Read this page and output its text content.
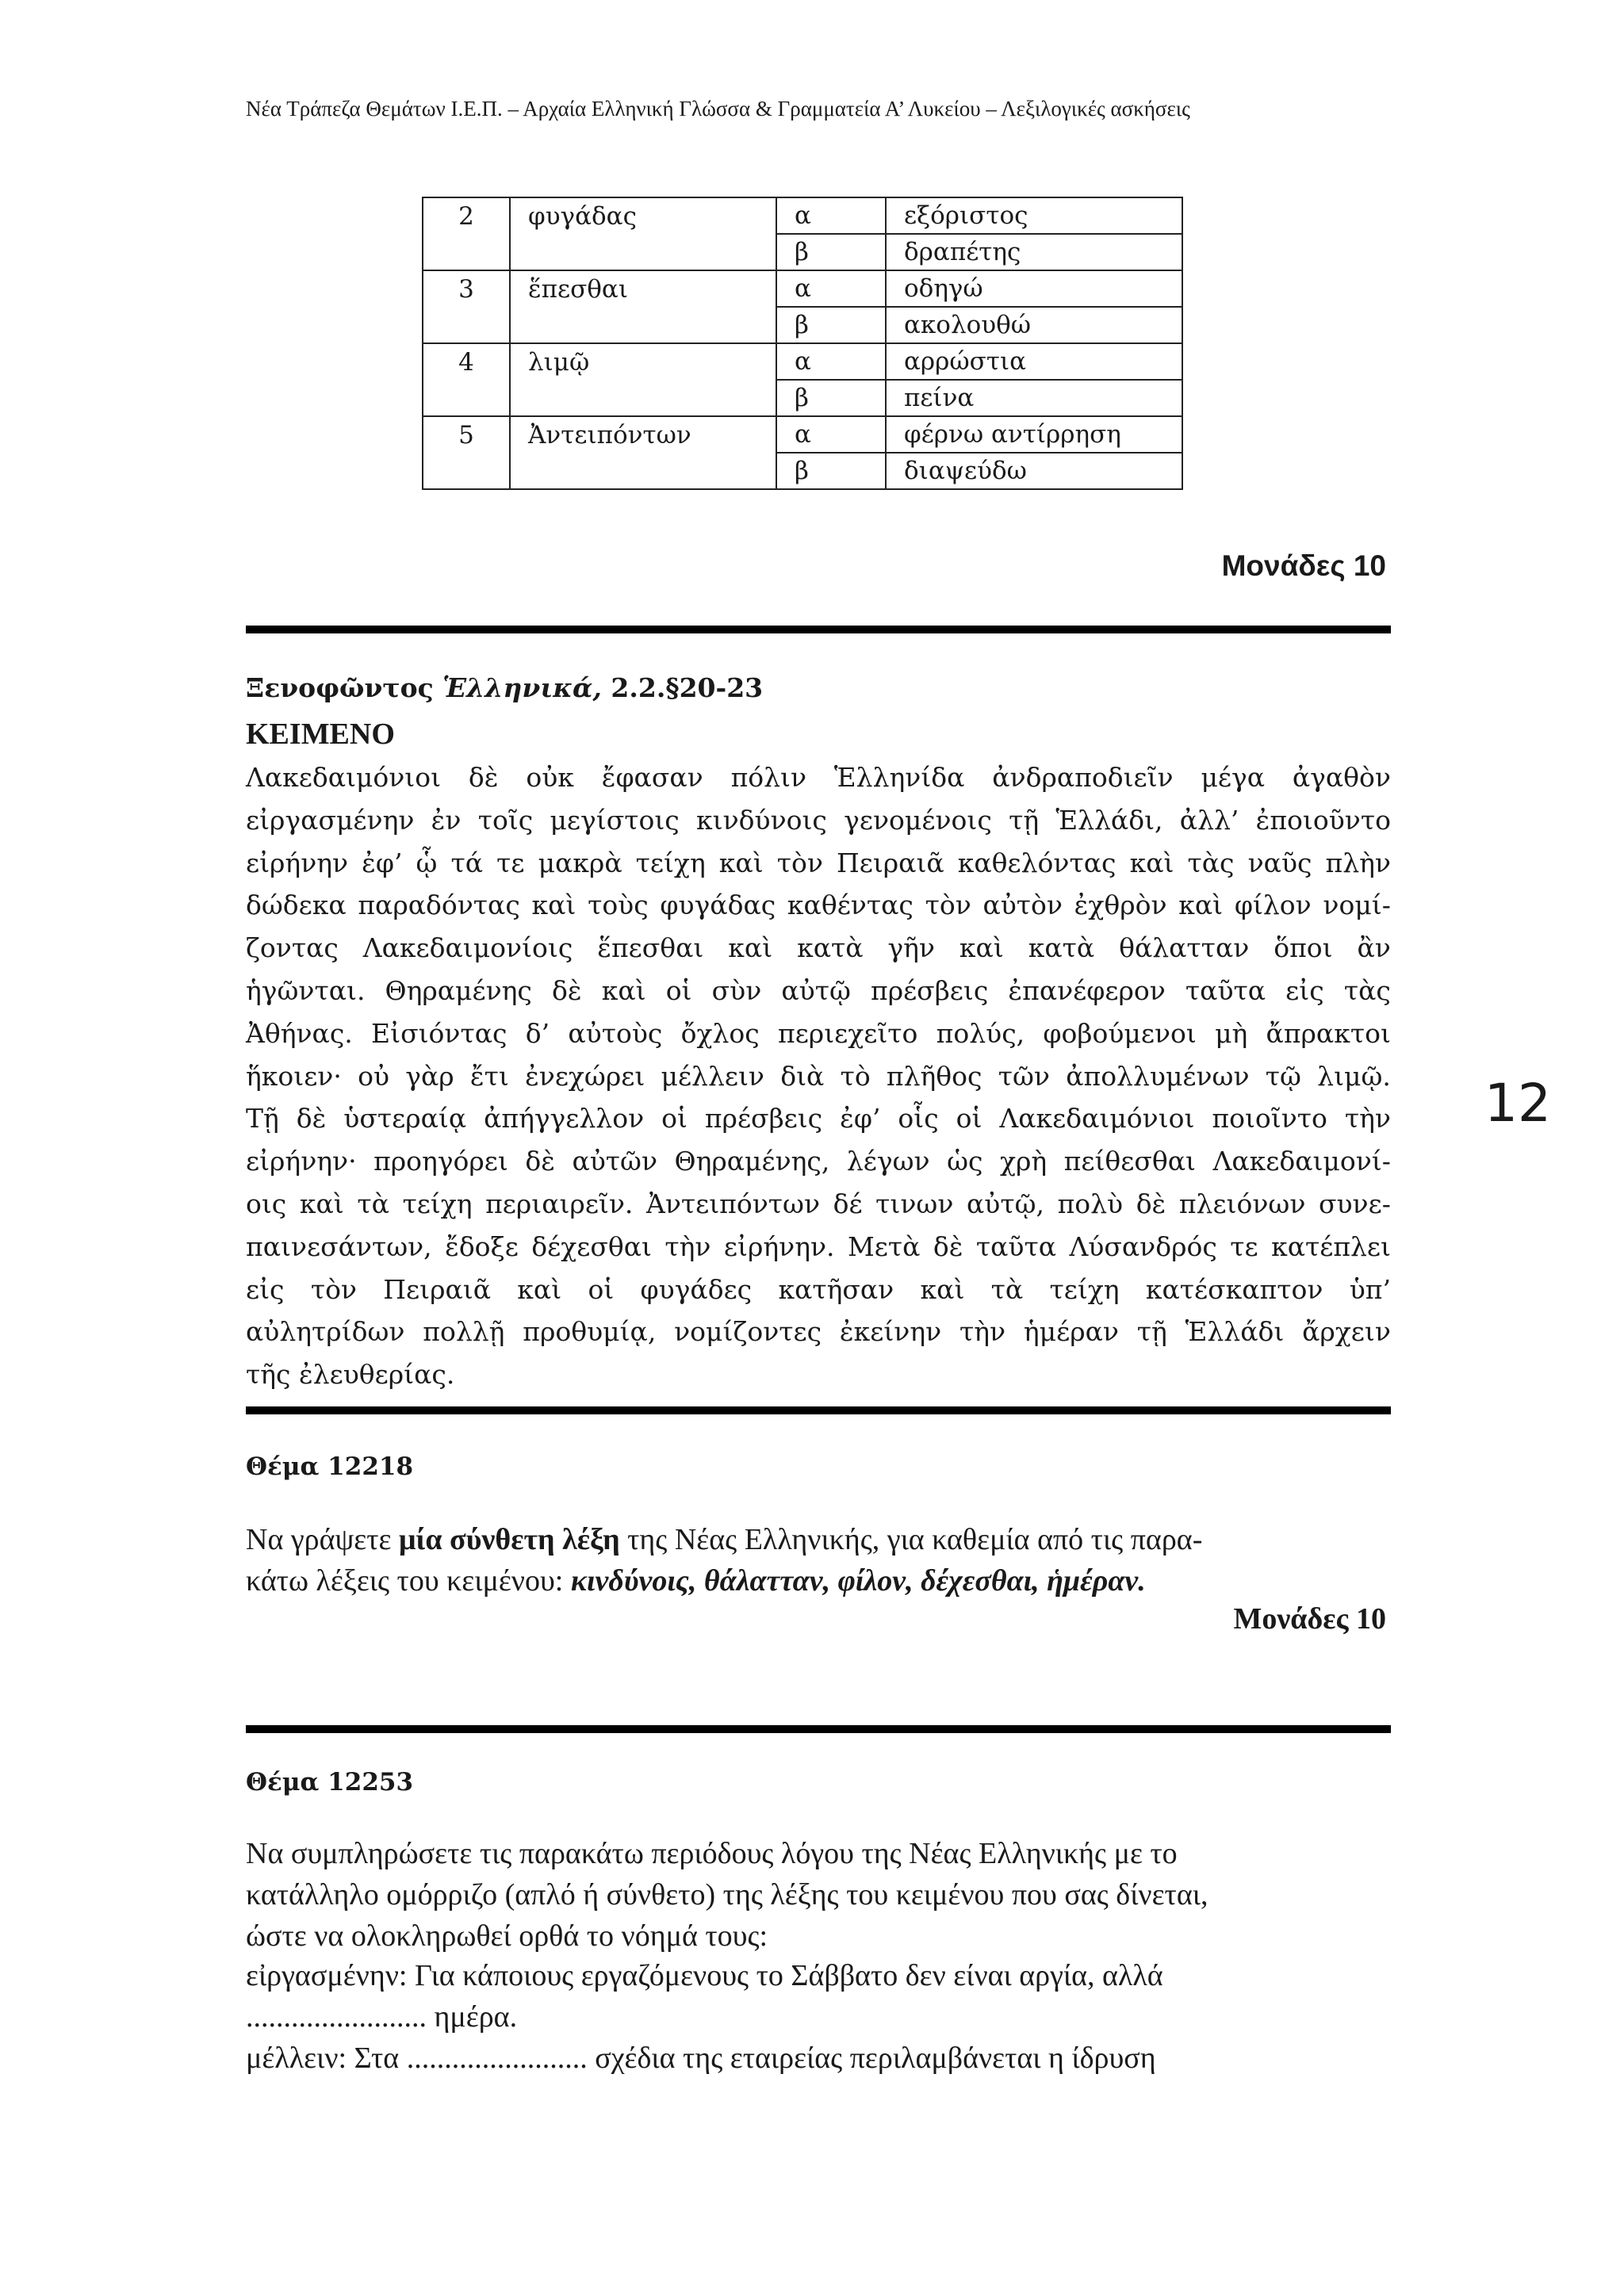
Νέα Τράπεζα Θεμάτων Ι.Ε.Π. – Αρχαία Ελληνική Γλώσσα & Γραμματεία Α’ Λυκείου – Λεξιλογικές ασκήσεις
2	φυγάδας	α	εξόριστος
		β	δραπέτης
3	ἕπεσθαι	α	οδηγώ
		β	ακολουθώ
4	λιμῷ	α	αρρώστια
		β	πείνα
5	Ἀντειπόντων	α	φέρνω αντίρρηση
		β	διαψεύδω
Μονάδες 10
Ξενοφῶντος Ἑλληνικά, 2.2.§20-23
ΚΕΙΜΕΝΟ
Λακεδαιμόνιοι δὲ οὐκ ἔφασαν πόλιν Ἑλληνίδα ἀνδραποδιεῖν μέγα ἀγαθὸν
εἰργασμένην ἐν τοῖς μεγίστοις κινδύνοις γενομένοις τῇ Ἑλλάδι, ἀλλ’ ἐποιοῦντο
εἰρήνην ἐφ’ ᾧ τά τε μακρὰ τείχη καὶ τὸν Πειραιᾶ καθελόντας καὶ τὰς ναῦς πλὴν
δώδεκα παραδόντας καὶ τοὺς φυγάδας καθέντας τὸν αὐτὸν ἐχθρὸν καὶ φίλον νομί-
ζοντας Λακεδαιμονίοις ἕπεσθαι καὶ κατὰ γῆν καὶ κατὰ θάλατταν ὅποι ἂν
ἡγῶνται. Θηραμένης δὲ καὶ οἱ σὺν αὐτῷ πρέσβεις ἐπανέφερον ταῦτα εἰς τὰς
Ἀθήνας. Εἰσιόντας δ’ αὐτοὺς ὄχλος περιεχεῖτο πολύς, φοβούμενοι μὴ ἄπρακτοι
ἥκοιεν· οὐ γὰρ ἔτι ἐνεχώρει μέλλειν διὰ τὸ πλῆθος τῶν ἀπολλυμένων τῷ λιμῷ.
Τῇ δὲ ὑστεραίᾳ ἀπήγγελλον οἱ πρέσβεις ἐφ’ οἷς οἱ Λακεδαιμόνιοι ποιοῖντο τὴν
εἰρήνην· προηγόρει δὲ αὐτῶν Θηραμένης, λέγων ὡς χρὴ πείθεσθαι Λακεδαιμονί-
οις καὶ τὰ τείχη περιαιρεῖν. Ἀντειπόντων δέ τινων αὐτῷ, πολὺ δὲ πλειόνων συνε-
παινεσάντων, ἔδοξε δέχεσθαι τὴν εἰρήνην. Μετὰ δὲ ταῦτα Λύσανδρός τε κατέπλει
εἰς τὸν Πειραιᾶ καὶ οἱ φυγάδες κατῆσαν καὶ τὰ τείχη κατέσκαπτον ὑπ’
αὐλητρίδων πολλῇ προθυμίᾳ, νομίζοντες ἐκείνην τὴν ἡμέραν τῇ Ἑλλάδι ἄρχειν
τῆς ἐλευθερίας.
12
Θέμα 12218
Να γράψετε μία σύνθετη λέξη της Νέας Ελληνικής, για καθεμία από τις παρα-
κάτω λέξεις του κειμένου: κινδύνοις, θάλατταν, φίλον, δέχεσθαι, ἡμέραν.
Μονάδες 10
Θέμα 12253
Να συμπληρώσετε τις παρακάτω περιόδους λόγου της Νέας Ελληνικής με το
κατάλληλο ομόρριζο (απλό ή σύνθετο) της λέξης του κειμένου που σας δίνεται,
ώστε να ολοκληρωθεί ορθά το νόημά τους:
εἰργασμένην: Για κάποιους εργαζόμενους το Σάββατο δεν είναι αργία, αλλά
........................ ημέρα.
μέλλειν: Στα ........................ σχέδια της εταιρείας περιλαμβάνεται η ίδρυση
